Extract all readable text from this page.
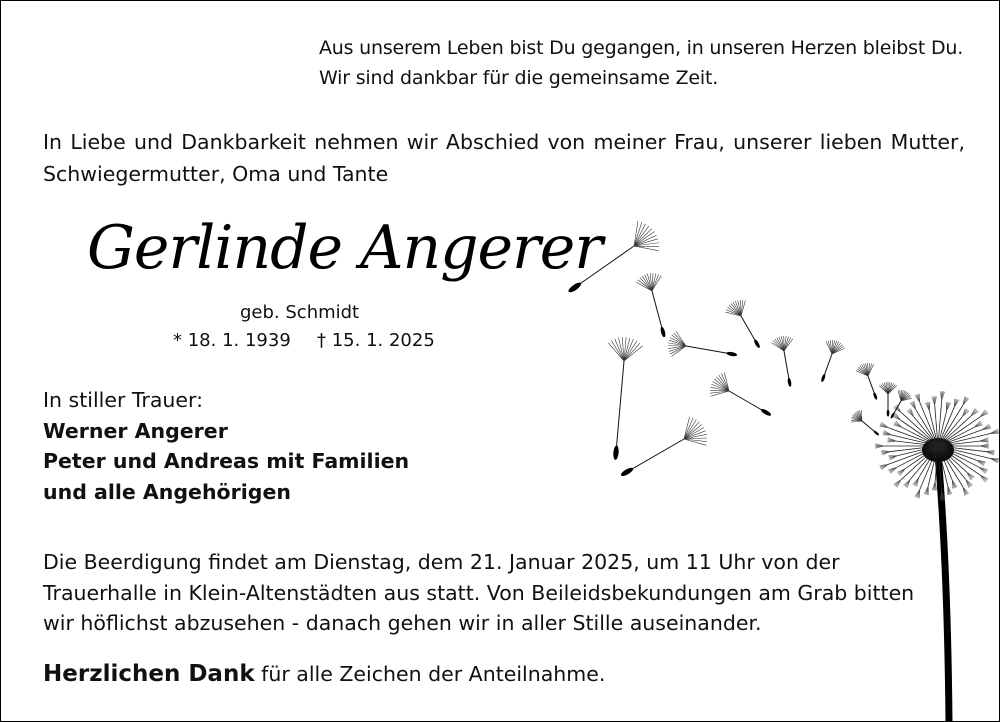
Aus unserem Leben bist Du gegangen, in unseren Herzen bleibst Du.
Wir sind dankbar für die gemeinsame Zeit.
In Liebe und Dankbarkeit nehmen wir Abschied von meiner Frau, unserer lieben Mutter,
Schwiegermutter, Oma und Tante
Gerlinde Angerer
geb. Schmidt
* 18. 1. 1939 † 15. 1. 2025
In stiller Trauer:
Werner Angerer
Peter und Andreas mit Familien
und alle Angehörigen
Die Beerdigung findet am Dienstag, dem 21. Januar 2025, um 11 Uhr von der
Trauerhalle in Klein-Altenstädten aus statt. Von Beileidsbekundungen am Grab bitten
wir höflichst abzusehen - danach gehen wir in aller Stille auseinander.
Herzlichen Dank für alle Zeichen der Anteilnahme.
